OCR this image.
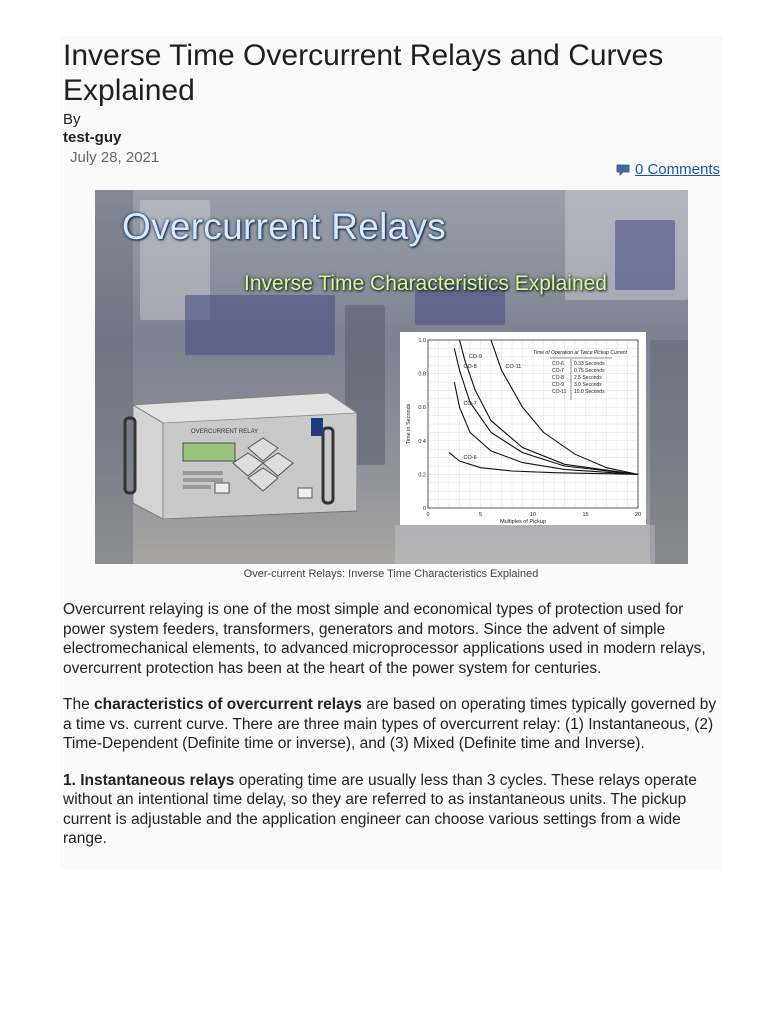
Inverse Time Overcurrent Relays and Curves Explained
By
test-guy
July 28, 2021
0 Comments
Overcurrent Relays
Inverse Time Characteristics Explained
OVERCURRENT RELAY
0	5	10	15	20
0
0.2
0.4
0.6
0.8
1.0
Multiples of Pickup
Time in Seconds
CO-6
CO-7
CO-8
CO-9
CO-11
Time of Operation at Twice Pickup Current
CO-6 0.33 Seconds
CO-7 0.75 Seconds
CO-8 2.5 Seconds
CO-9 3.0 Seconds
CO-11 10.0 Seconds
Over-current Relays: Inverse Time Characteristics Explained

Overcurrent relaying is one of the most simple and economical types of protection used for power system feeders, transformers, generators and motors. Since the advent of simple electromechanical elements, to advanced microprocessor applications used in modern relays, overcurrent protection has been at the heart of the power system for centuries.

The characteristics of overcurrent relays are based on operating times typically governed by a time vs. current curve. There are three main types of overcurrent relay: (1) Instantaneous, (2) Time-Dependent (Definite time or inverse), and (3) Mixed (Definite time and Inverse).

1. Instantaneous relays operating time are usually less than 3 cycles. These relays operate without an intentional time delay, so they are referred to as instantaneous units. The pickup current is adjustable and the application engineer can choose various settings from a wide range.
